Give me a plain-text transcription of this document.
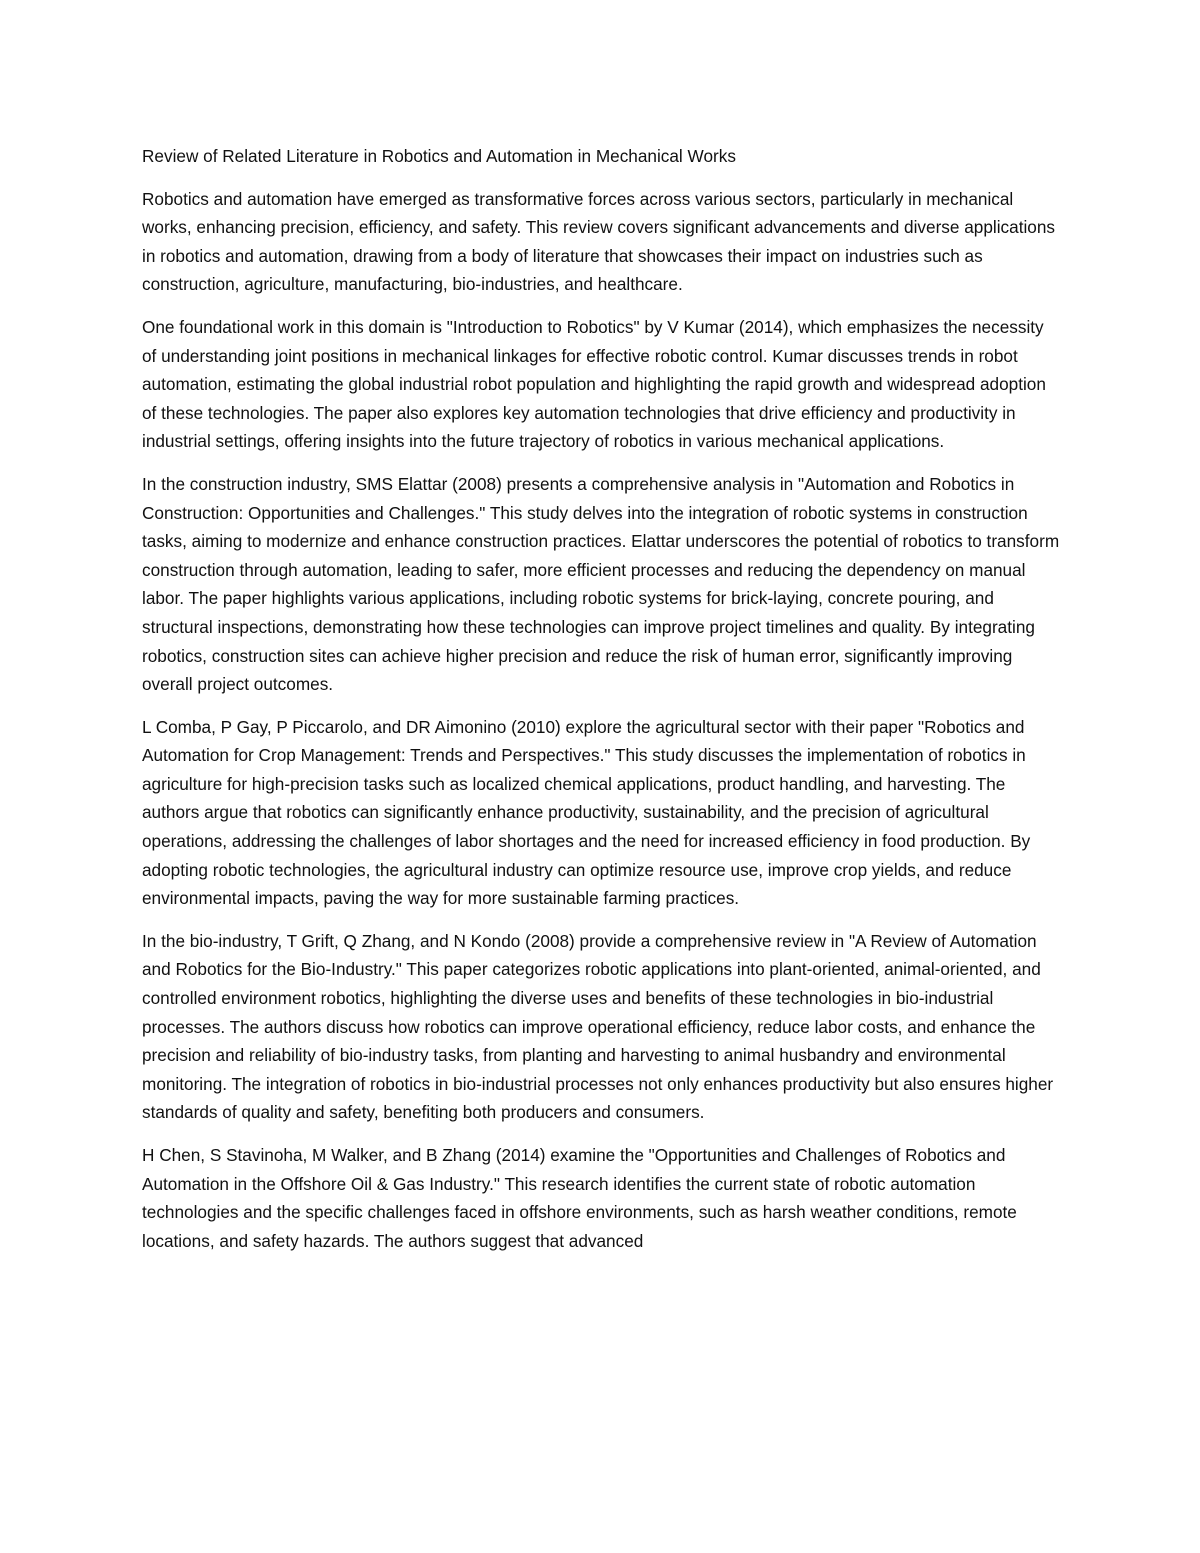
Review of Related Literature in Robotics and Automation in Mechanical Works

Robotics and automation have emerged as transformative forces across various sectors, particularly in mechanical works, enhancing precision, efficiency, and safety. This review covers significant advancements and diverse applications in robotics and automation, drawing from a body of literature that showcases their impact on industries such as construction, agriculture, manufacturing, bio-industries, and healthcare.

One foundational work in this domain is "Introduction to Robotics" by V Kumar (2014), which emphasizes the necessity of understanding joint positions in mechanical linkages for effective robotic control. Kumar discusses trends in robot automation, estimating the global industrial robot population and highlighting the rapid growth and widespread adoption of these technologies. The paper also explores key automation technologies that drive efficiency and productivity in industrial settings, offering insights into the future trajectory of robotics in various mechanical applications.

In the construction industry, SMS Elattar (2008) presents a comprehensive analysis in "Automation and Robotics in Construction: Opportunities and Challenges." This study delves into the integration of robotic systems in construction tasks, aiming to modernize and enhance construction practices. Elattar underscores the potential of robotics to transform construction through automation, leading to safer, more efficient processes and reducing the dependency on manual labor. The paper highlights various applications, including robotic systems for brick-laying, concrete pouring, and structural inspections, demonstrating how these technologies can improve project timelines and quality. By integrating robotics, construction sites can achieve higher precision and reduce the risk of human error, significantly improving overall project outcomes.

L Comba, P Gay, P Piccarolo, and DR Aimonino (2010) explore the agricultural sector with their paper "Robotics and Automation for Crop Management: Trends and Perspectives." This study discusses the implementation of robotics in agriculture for high-precision tasks such as localized chemical applications, product handling, and harvesting. The authors argue that robotics can significantly enhance productivity, sustainability, and the precision of agricultural operations, addressing the challenges of labor shortages and the need for increased efficiency in food production. By adopting robotic technologies, the agricultural industry can optimize resource use, improve crop yields, and reduce environmental impacts, paving the way for more sustainable farming practices.

In the bio-industry, T Grift, Q Zhang, and N Kondo (2008) provide a comprehensive review in "A Review of Automation and Robotics for the Bio-Industry." This paper categorizes robotic applications into plant-oriented, animal-oriented, and controlled environment robotics, highlighting the diverse uses and benefits of these technologies in bio-industrial processes. The authors discuss how robotics can improve operational efficiency, reduce labor costs, and enhance the precision and reliability of bio-industry tasks, from planting and harvesting to animal husbandry and environmental monitoring. The integration of robotics in bio-industrial processes not only enhances productivity but also ensures higher standards of quality and safety, benefiting both producers and consumers.

H Chen, S Stavinoha, M Walker, and B Zhang (2014) examine the "Opportunities and Challenges of Robotics and Automation in the Offshore Oil & Gas Industry." This research identifies the current state of robotic automation technologies and the specific challenges faced in offshore environments, such as harsh weather conditions, remote locations, and safety hazards. The authors suggest that advanced
